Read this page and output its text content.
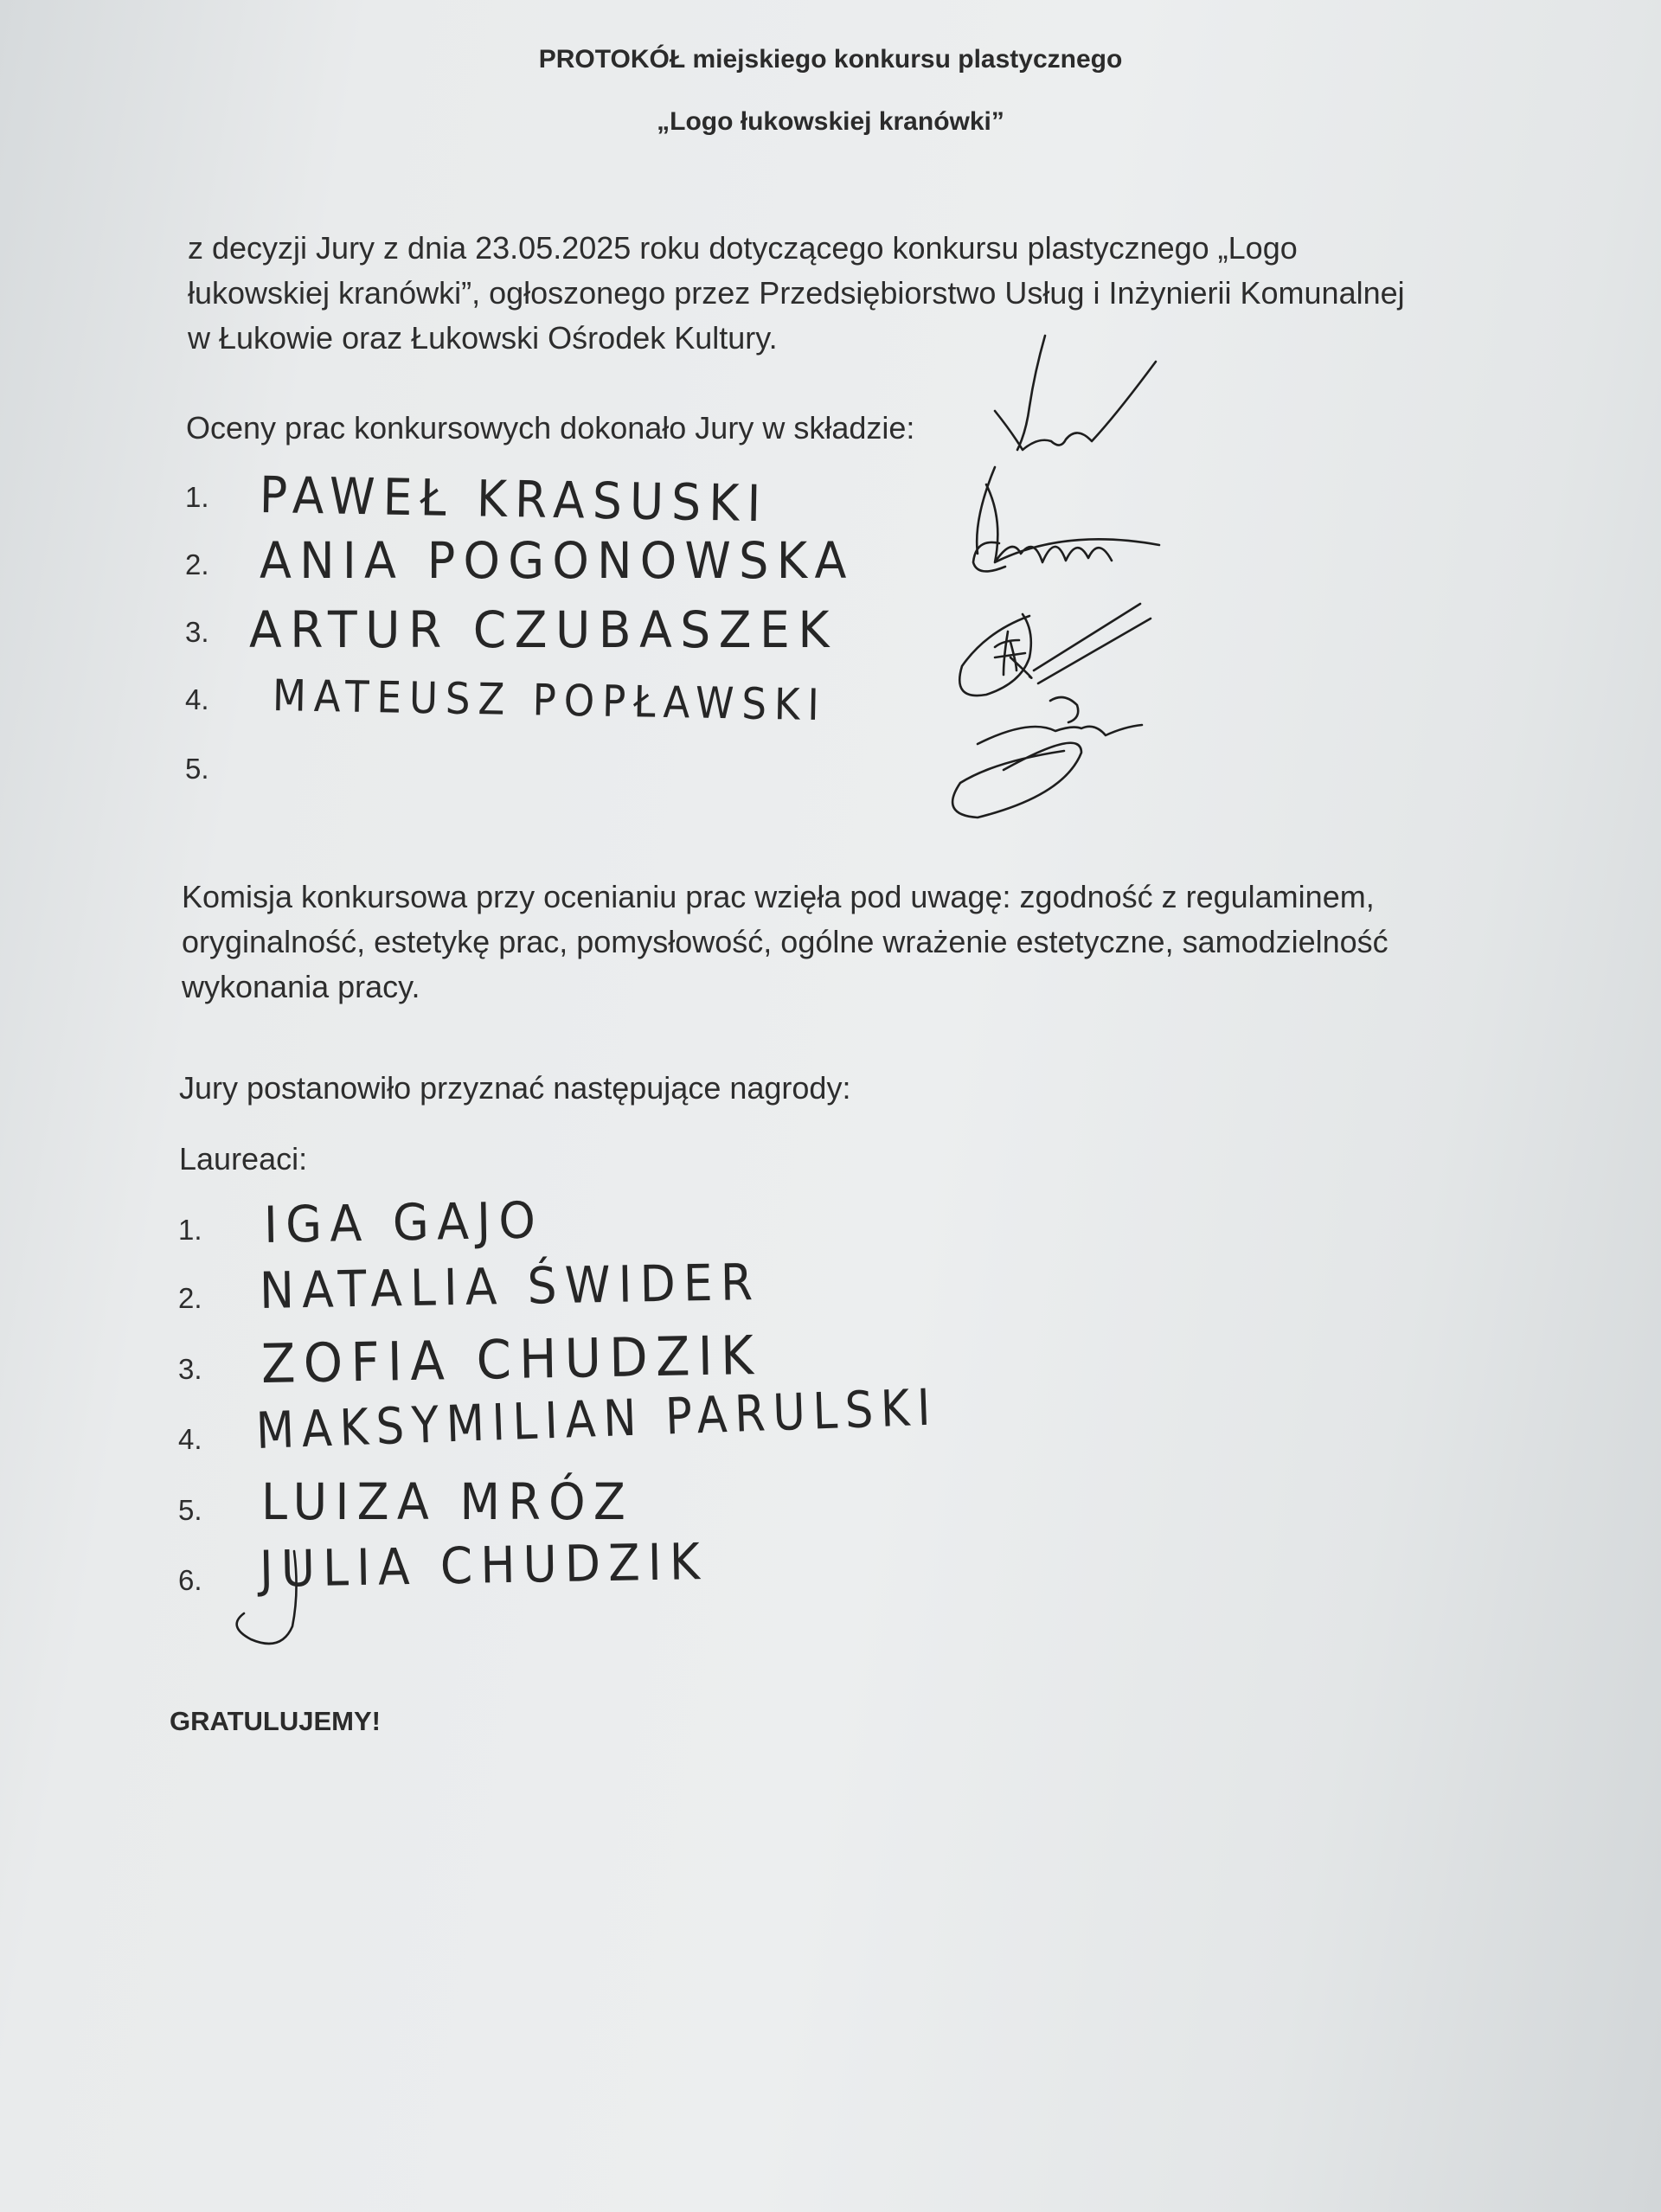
PROTOKÓŁ miejskiego konkursu plastycznego
„Logo łukowskiej kranówki”
z decyzji Jury z dnia 23.05.2025 roku dotyczącego konkursu plastycznego „Logo
łukowskiej kranówki”, ogłoszonego przez Przedsiębiorstwo Usług i Inżynierii Komunalnej
w Łukowie oraz Łukowski Ośrodek Kultury.
Oceny prac konkursowych dokonało Jury w składzie:
1. PAWEŁ KRASUSKI
2. ANIA POGONOWSKA
3. ARTUR CZUBASZEK
4. MATEUSZ POPŁAWSKI
5.
Komisja konkursowa przy ocenianiu prac wzięła pod uwagę: zgodność z regulaminem,
oryginalność, estetykę prac, pomysłowość, ogólne wrażenie estetyczne, samodzielność
wykonania pracy.
Jury postanowiło przyznać następujące nagrody:
Laureaci:
1. IGA GAJO
2. NATALIA ŚWIDER
3. ZOFIA CHUDZIK
4. MAKSYMILIAN PARULSKI
5. LUIZA MRÓZ
6. JULIA CHUDZIK
GRATULUJEMY!
